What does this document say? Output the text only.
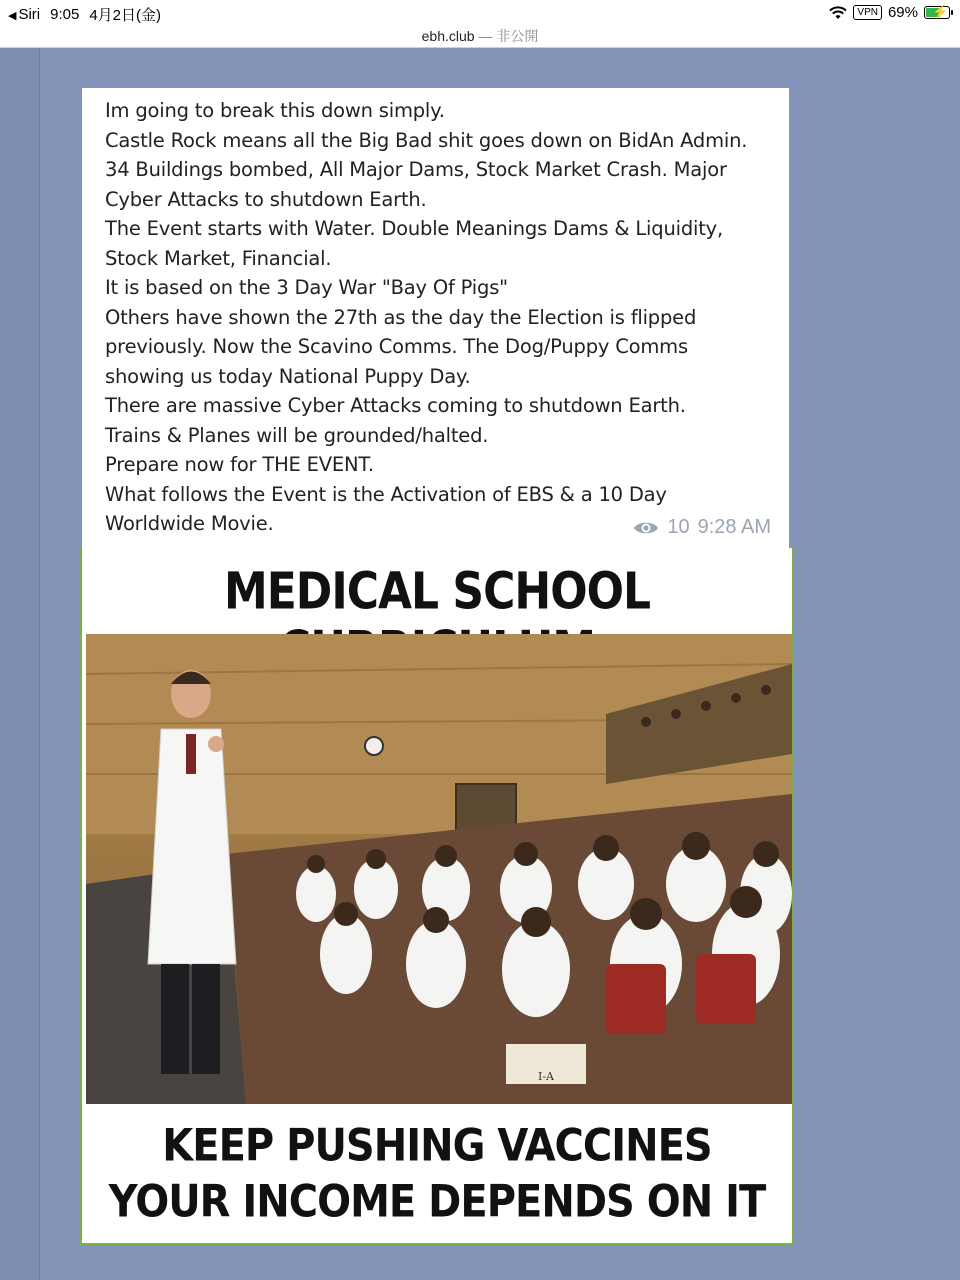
◀ Siri 9:05 4月2日(金)	VPN 69% ⚡
ebh.club — 非公開
Im going to break this down simply.
Castle Rock means all the Big Bad shit goes down on BidAn Admin.
34 Buildings bombed, All Major Dams, Stock Market Crash. Major
Cyber Attacks to shutdown Earth.
The Event starts with Water. Double Meanings Dams & Liquidity,
Stock Market, Financial.
It is based on the 3 Day War "Bay Of Pigs"
Others have shown the 27th as the day the Election is flipped
previously. Now the Scavino Comms. The Dog/Puppy Comms
showing us today National Puppy Day.
There are massive Cyber Attacks coming to shutdown Earth.
Trains & Planes will be grounded/halted.
Prepare now for THE EVENT.
What follows the Event is the Activation of EBS & a 10 Day
Worldwide Movie.	10 9:28 AM
MEDICAL SCHOOL
I-A
KEEP PUSHING VACCINES
YOUR INCOME DEPENDS ON IT
